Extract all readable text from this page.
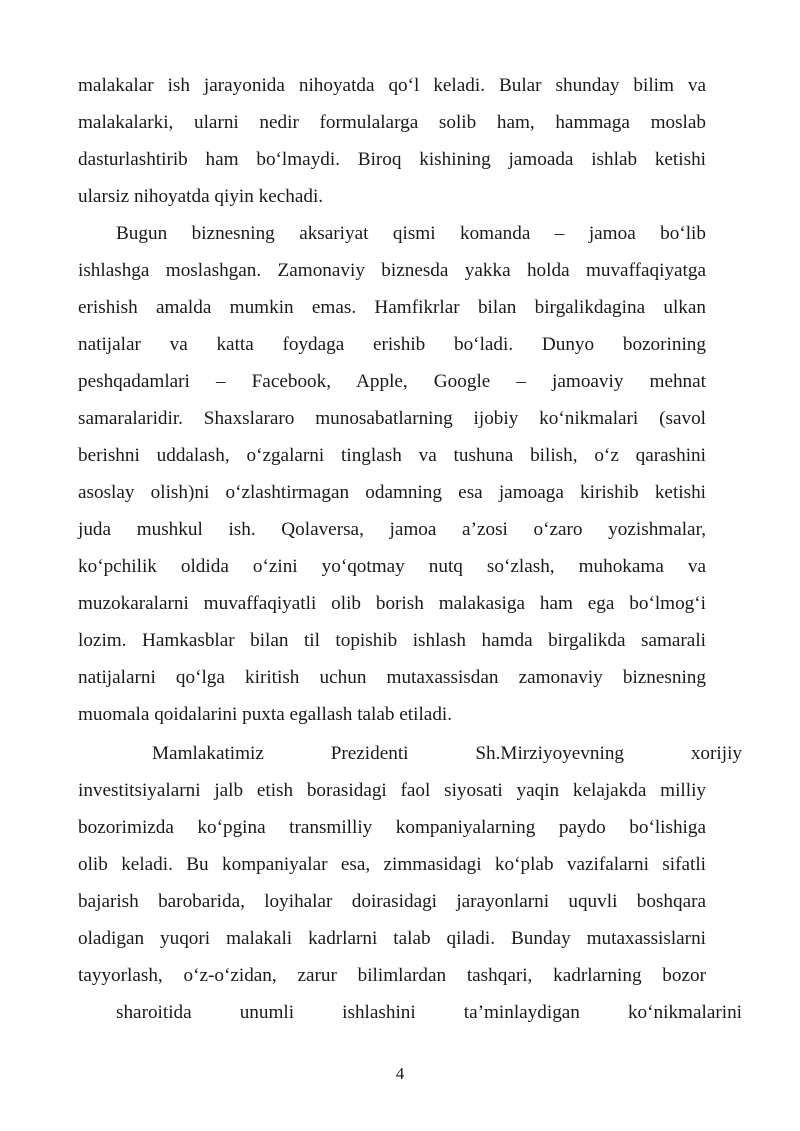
malakalar ish jarayonida nihoyatda qo‘l keladi. Bular shunday bilim va
malakalarki, ularni nedir formulalarga solib ham, hammaga moslab
dasturlashtirib ham bo‘lmaydi. Biroq kishining jamoada ishlab ketishi
ularsiz nihoyatda qiyin kechadi.
Bugun biznesning aksariyat qismi komanda – jamoa bo‘lib
ishlashga moslashgan. Zamonaviy biznesda yakka holda muvaffaqiyatga
erishish amalda mumkin emas. Hamfikrlar bilan birgalikdagina ulkan
natijalar va katta foydaga erishib bo‘ladi. Dunyo bozorining
peshqadamlari – Facebook, Apple, Google – jamoaviy mehnat
samaralaridir. Shaxslararo munosabatlarning ijobiy ko‘nikmalari (savol
berishni uddalash, o‘zgalarni tinglash va tushuna bilish, o‘z qarashini
asoslay olish)ni o‘zlashtirmagan odamning esa jamoaga kirishib ketishi
juda mushkul ish. Qolaversa, jamoa a’zosi o‘zaro yozishmalar,
ko‘pchilik oldida o‘zini yo‘qotmay nutq so‘zlash, muhokama va
muzokaralarni muvaffaqiyatli olib borish malakasiga ham ega bo‘lmog‘i
lozim. Hamkasblar bilan til topishib ishlash hamda birgalikda samarali
natijalarni qo‘lga kiritish uchun mutaxassisdan zamonaviy biznesning
muomala qoidalarini puxta egallash talab etiladi.
Mamlakatimiz Prezidenti Sh.Mirziyoyevning xorijiy
investitsiyalarni jalb etish borasidagi faol siyosati yaqin kelajakda milliy
bozorimizda ko‘pgina transmilliy kompaniyalarning paydo bo‘lishiga
olib keladi. Bu kompaniyalar esa, zimmasidagi ko‘plab vazifalarni sifatli
bajarish barobarida, loyihalar doirasidagi jarayonlarni uquvli boshqara
oladigan yuqori malakali kadrlarni talab qiladi. Bunday mutaxassislarni
tayyorlash, o‘z-o‘zidan, zarur bilimlardan tashqari, kadrlarning bozor
sharoitida unumli ishlashini ta’minlaydigan ko‘nikmalarini
4
